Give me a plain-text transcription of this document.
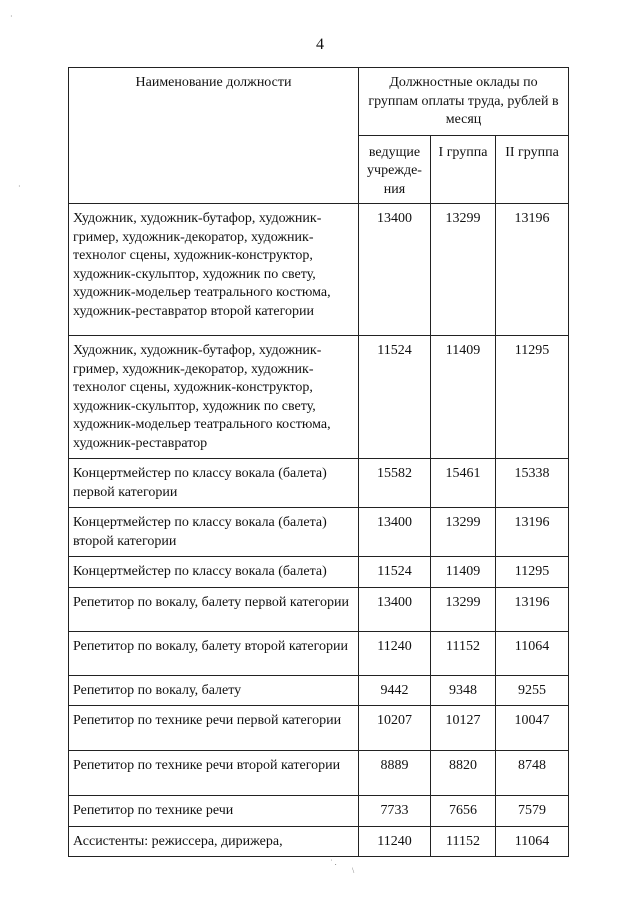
4
Наименование должности	Должностные оклады по группам оплаты труда, рублей в месяц		
	ведущие учрежде-ния	I группа	II группа
Художник, художник-бутафор, художник-гример, художник-декоратор, художник-технолог сцены, художник-конструктор, художник-скульптор, художник по свету, художник-модельер театрального костюма, художник-реставратор второй категории	13400	13299	13196
Художник, художник-бутафор, художник-гример, художник-декоратор, художник-технолог сцены, художник-конструктор, художник-скульптор, художник по свету, художник-модельер театрального костюма, художник-реставратор	11524	11409	11295
Концертмейстер по классу вокала (балета) первой категории	15582	15461	15338
Концертмейстер по классу вокала (балета) второй категории	13400	13299	13196
Концертмейстер по классу вокала (балета)	11524	11409	11295
Репетитор по вокалу, балету первой категории	13400	13299	13196
Репетитор по вокалу, балету второй категории	11240	11152	11064
Репетитор по вокалу, балету	9442	9348	9255
Репетитор по технике речи первой категории	10207	10127	10047
Репетитор по технике речи второй категории	8889	8820	8748
Репетитор по технике речи	7733	7656	7579
Ассистенты: режиссера, дирижера,	11240	11152	11064
·
·
˙ .
\
